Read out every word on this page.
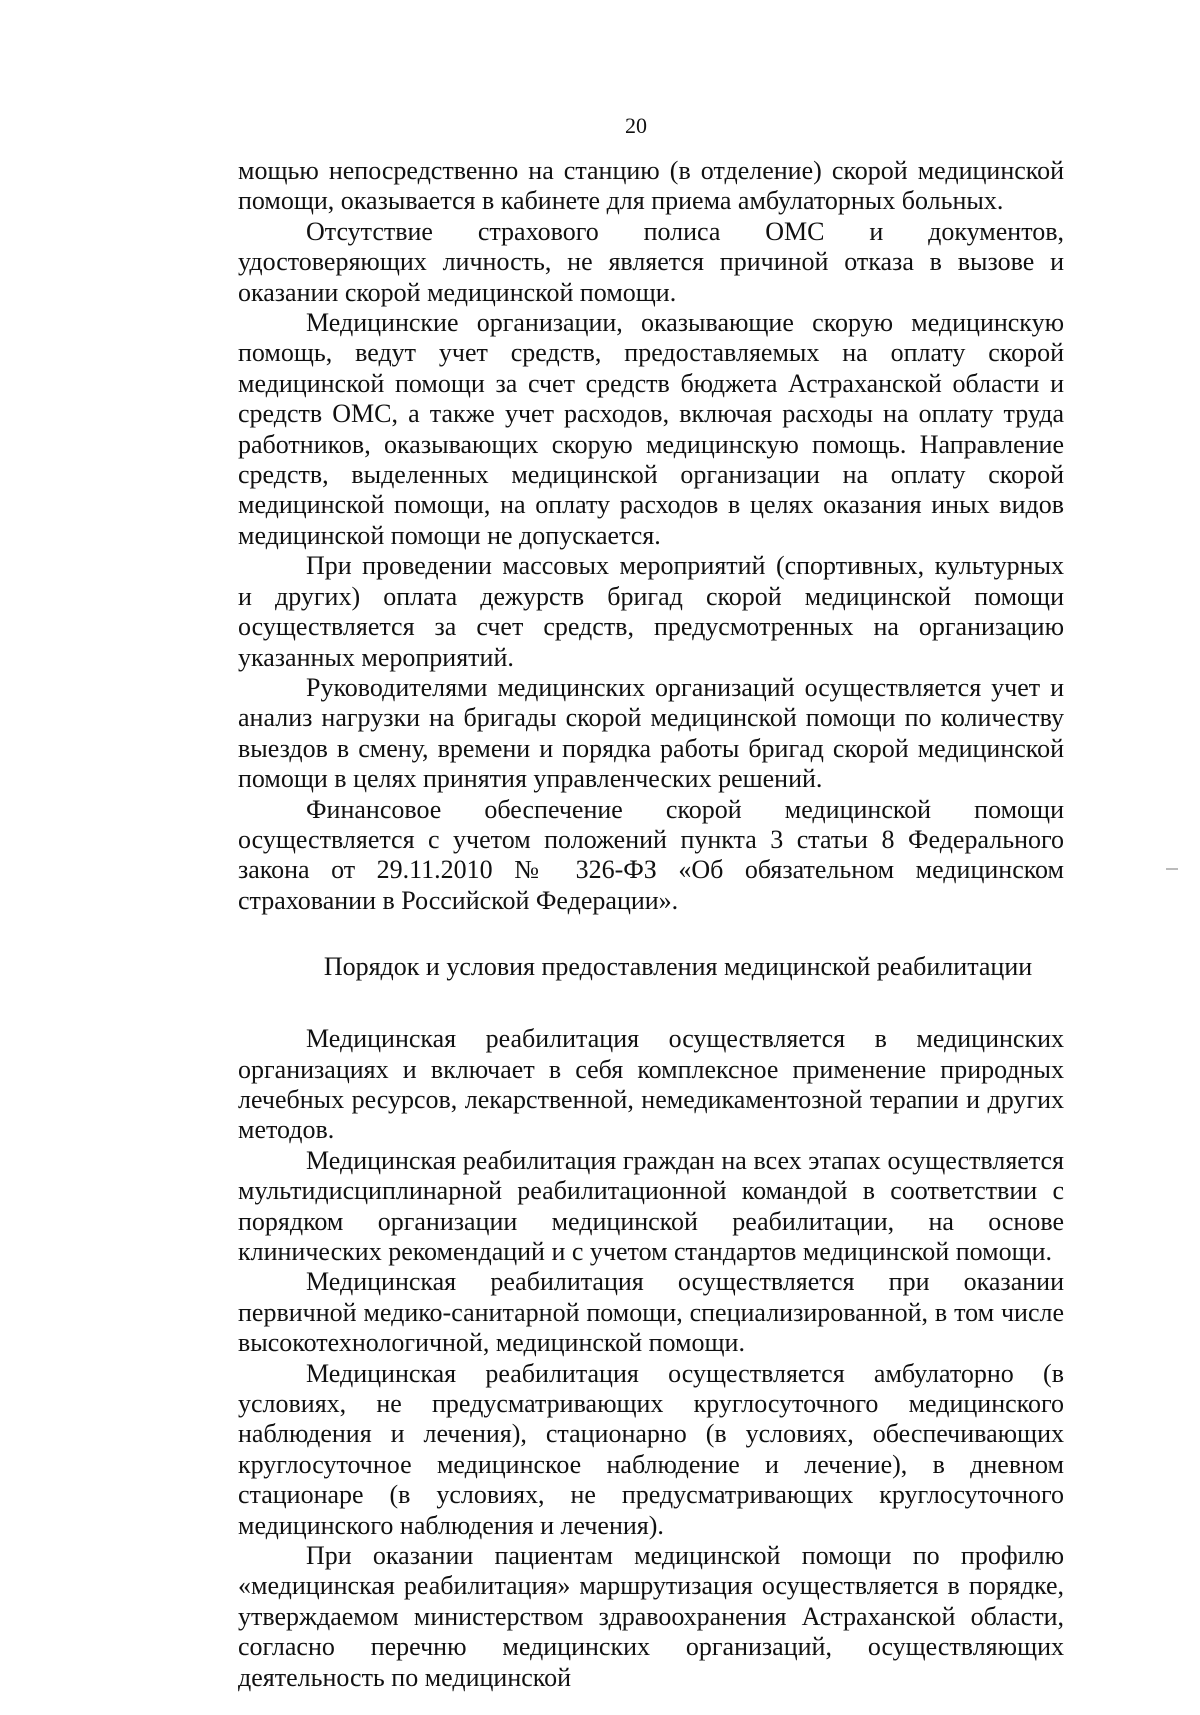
20

мощью непосредственно на станцию (в отделение) скорой медицинской помощи, оказывается в кабинете для приема амбулаторных больных.

Отсутствие страхового полиса ОМС и документов, удостоверяющих личность, не является причиной отказа в вызове и оказании скорой медицинской помощи.

Медицинские организации, оказывающие скорую медицинскую помощь, ведут учет средств, предоставляемых на оплату скорой медицинской помощи за счет средств бюджета Астраханской области и средств ОМС, а также учет расходов, включая расходы на оплату труда работников, оказывающих скорую медицинскую помощь. Направление средств, выделенных медицинской организации на оплату скорой медицинской помощи, на оплату расходов в целях оказания иных видов медицинской помощи не допускается.

При проведении массовых мероприятий (спортивных, культурных и других) оплата дежурств бригад скорой медицинской помощи осуществляется за счет средств, предусмотренных на организацию указанных мероприятий.

Руководителями медицинских организаций осуществляется учет и анализ нагрузки на бригады скорой медицинской помощи по количеству выездов в смену, времени и порядка работы бригад скорой медицинской помощи в целях принятия управленческих решений.

Финансовое обеспечение скорой медицинской помощи осуществляется с учетом положений пункта 3 статьи 8 Федерального закона от 29.11.2010 № 326-ФЗ «Об обязательном медицинском страховании в Российской Федерации».

Порядок и условия предоставления медицинской реабилитации

Медицинская реабилитация осуществляется в медицинских организациях и включает в себя комплексное применение природных лечебных ресурсов, лекарственной, немедикаментозной терапии и других методов.

Медицинская реабилитация граждан на всех этапах осуществляется мультидисциплинарной реабилитационной командой в соответствии с порядком организации медицинской реабилитации, на основе клинических рекомендаций и с учетом стандартов медицинской помощи.

Медицинская реабилитация осуществляется при оказании первичной медико-санитарной помощи, специализированной, в том числе высокотехнологичной, медицинской помощи.

Медицинская реабилитация осуществляется амбулаторно (в условиях, не предусматривающих круглосуточного медицинского наблюдения и лечения), стационарно (в условиях, обеспечивающих круглосуточное медицинское наблюдение и лечение), в дневном стационаре (в условиях, не предусматривающих круглосуточного медицинского наблюдения и лечения).

При оказании пациентам медицинской помощи по профилю «медицинская реабилитация» маршрутизация осуществляется в порядке, утверждаемом министерством здравоохранения Астраханской области, согласно перечню медицинских организаций, осуществляющих деятельность по медицинской
